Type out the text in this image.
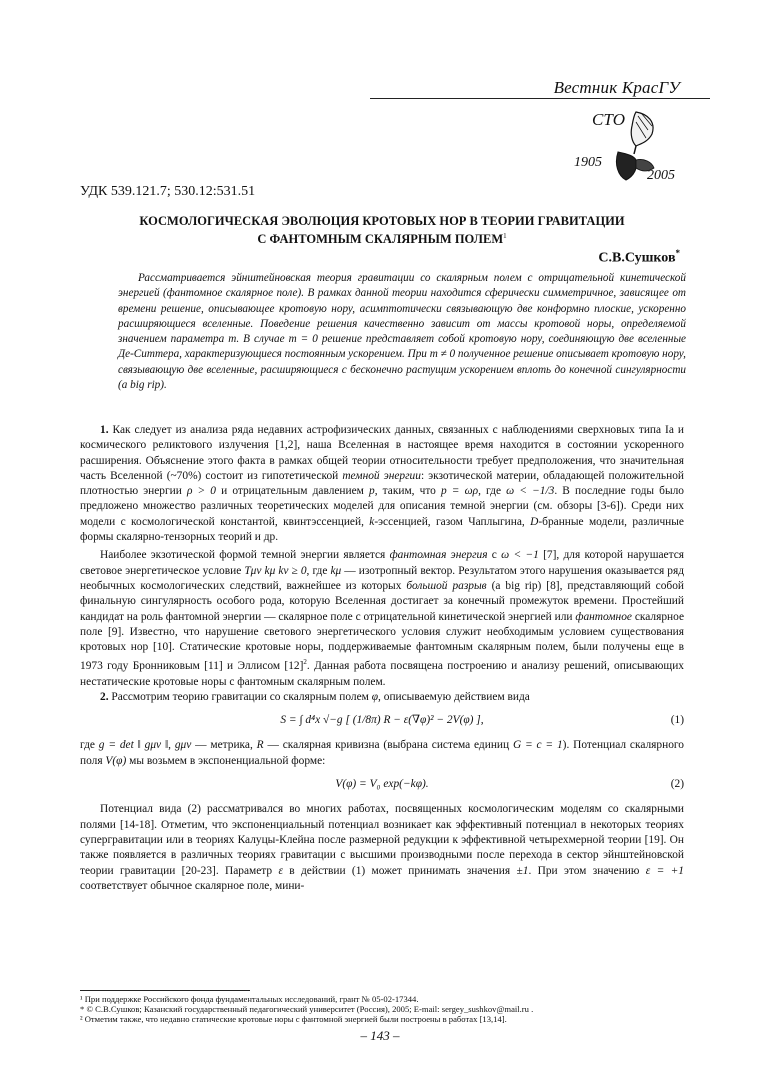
Вестник КрасГУ
СТО
1905
2005
УДК 539.121.7; 530.12:531.51
КОСМОЛОГИЧЕСКАЯ ЭВОЛЮЦИЯ КРОТОВЫХ НОР В ТЕОРИИ ГРАВИТАЦИИ
С ФАНТОМНЫМ СКАЛЯРНЫМ ПОЛЕМ$^1$
С.В.Сушков*
Рассматривается эйнштейновская теория гравитации со скалярным полем с отрицательной кинетической энергией (фантомное скалярное поле). В рамках данной теории находится сферически симметричное, зависящее от времени решение, описывающее кротовую нору, асимптотически связывающую две конформно плоские, ускоренно расширяющиеся вселенные. Поведение решения качественно зависит от массы кротовой норы, определяемой значением параметра m. В случае m = 0 решение представляет собой кротовую нору, соединяющую две вселенные Де-Ситтера, характеризующиеся постоянным ускорением. При m ≠ 0 полученное решение описывает кротовую нору, связывающую две вселенные, расширяющиеся с бесконечно растущим ускорением вплоть до конечной сингулярности (a big rip).

1. Как следует из анализа ряда недавних астрофизических данных, связанных с наблюдениями сверхновых типа Ia и космического реликтового излучения [1,2], наша Вселенная в настоящее время находится в состоянии ускоренного расширения. Объяснение этого факта в рамках общей теории относительности требует предположения, что значительная часть Вселенной (~70%) состоит из гипотетической темной энергии: экзотической материи, обладающей положительной плотностью энергии ρ > 0 и отрицательным давлением p, таким, что p = ωρ, где ω < −1/3. В последние годы было предложено множество различных теоретических моделей для описания темной энергии (см. обзоры [3-6]). Среди них модели с космологической константой, квинтэссенцией, k-эссенцией, газом Чаплыгина, D-бранные модели, различные формы скалярно-тензорных теорий и др.

Наиболее экзотической формой темной энергии является фантомная энергия с ω < −1 [7], для которой нарушается световое энергетическое условие Tμν kμ kν ≥ 0, где kμ — изотропный вектор. Результатом этого нарушения оказывается ряд необычных космологических следствий, важнейшее из которых большой разрыв (a big rip) [8], представляющий собой финальную сингулярность особого рода, которую Вселенная достигает за конечный промежуток времени. Простейший кандидат на роль фантомной энергии — скалярное поле с отрицательной кинетической энергией или фантомное скалярное поле [9]. Известно, что нарушение светового энергетического условия служит необходимым условием существования кротовых нор [10]. Статические кротовые норы, поддерживаемые фантомным скалярным полем, были получены еще в 1973 году Бронниковым [11] и Эллисом $[12]^2$. Данная работа посвящена построению и анализу решений, описывающих нестатические кротовые норы с фантомным скалярным полем.

2. Рассмотрим теорию гравитации со скалярным полем φ, описываемую действием вида

S = ∫ d⁴x √−g [ (1/8π) R − ε(∇φ)² − 2V(φ) ],	(1)

где g = det ‖ gμν ‖, gμν — метрика, R — скалярная кривизна (выбрана система единиц G = c = 1). Потенциал скалярного поля V(φ) мы возьмем в экспоненциальной форме:

V(φ) = V₀ exp(−kφ).	(2)

Потенциал вида (2) рассматривался во многих работах, посвященных космологическим моделям со скалярными полями [14-18]. Отметим, что экспоненциальный потенциал возникает как эффективный потенциал в некоторых теориях супергравитации или в теориях Калуцы-Клейна после размерной редукции к эффективной четырехмерной теории [19]. Он также появляется в различных теориях гравитации с высшими производными после перехода в сектор эйнштейновской теории гравитации [20-23]. Параметр ε в действии (1) может принимать значения ±1. При этом значению ε = +1 соответствует обычное скалярное поле, мини-

¹ При поддержке Российского фонда фундаментальных исследований, грант № 05-02-17344.
* © С.В.Сушков; Казанский государственный педагогический университет (Россия), 2005; E-mail: sergey_sushkov@mail.ru .
² Отметим также, что недавно статические кротовые норы с фантомной энергией были построены в работах [13,14].
– 143 –
